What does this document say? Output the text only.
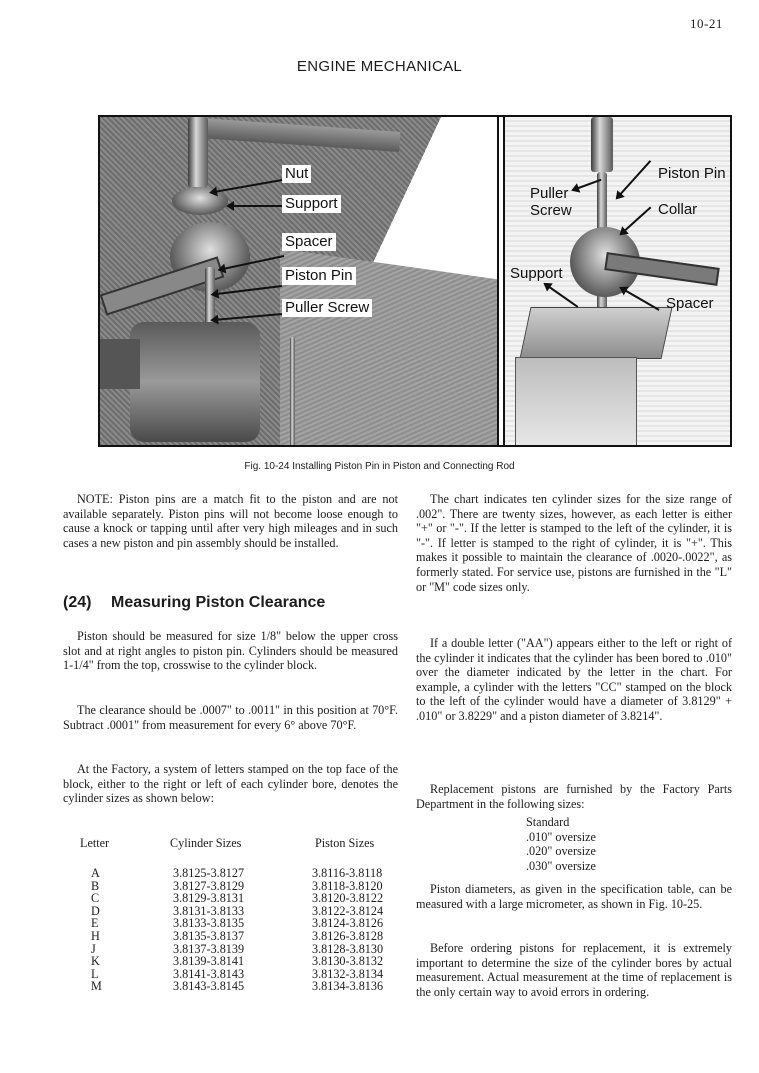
10-21
ENGINE MECHANICAL
Nut
Support
Spacer
Piston Pin
Puller Screw
Piston Pin
Puller
Screw	Collar
Support
Spacer
Fig. 10-24 Installing Piston Pin in Piston and Connecting Rod

NOTE: Piston pins are a match fit to the piston and are not available separately. Piston pins will not become loose enough to cause a knock or tapping until after very high mileages and in such cases a new piston and pin assembly should be installed.

(24) Measuring Piston Clearance

Piston should be measured for size 1/8" below the upper cross slot and at right angles to piston pin. Cylinders should be measured 1-1/4" from the top, crosswise to the cylinder block.

The clearance should be .0007" to .0011" in this position at 70°F. Subtract .0001" from measurement for every 6° above 70°F.

At the Factory, a system of letters stamped on the top face of the block, either to the right or left of each cylinder bore, denotes the cylinder sizes as shown below:

Letter	Cylinder Sizes	Piston Sizes
A	3.8125-3.8127	3.8116-3.8118
B	3.8127-3.8129	3.8118-3.8120
C	3.8129-3.8131	3.8120-3.8122
D	3.8131-3.8133	3.8122-3.8124
E	3.8133-3.8135	3.8124-3.8126
H	3.8135-3.8137	3.8126-3.8128
J	3.8137-3.8139	3.8128-3.8130
K	3.8139-3.8141	3.8130-3.8132
L	3.8141-3.8143	3.8132-3.8134
M	3.8143-3.8145	3.8134-3.8136

The chart indicates ten cylinder sizes for the size range of .002". There are twenty sizes, however, as each letter is either "+" or "-". If the letter is stamped to the left of the cylinder, it is "-". If letter is stamped to the right of cylinder, it is "+". This makes it possible to maintain the clearance of .0020-.0022", as formerly stated. For service use, pistons are furnished in the "L" or "M" code sizes only.

If a double letter ("AA") appears either to the left or right of the cylinder it indicates that the cylinder has been bored to .010" over the diameter indicated by the letter in the chart. For example, a cylinder with the letters "CC" stamped on the block to the left of the cylinder would have a diameter of 3.8129" + .010" or 3.8229" and a piston diameter of 3.8214".

Replacement pistons are furnished by the Factory Parts Department in the following sizes:

Standard
.010" oversize
.020" oversize
.030" oversize

Piston diameters, as given in the specification table, can be measured with a large micrometer, as shown in Fig. 10-25.

Before ordering pistons for replacement, it is extremely important to determine the size of the cylinder bores by actual measurement. Actual measurement at the time of replacement is the only certain way to avoid errors in ordering.
